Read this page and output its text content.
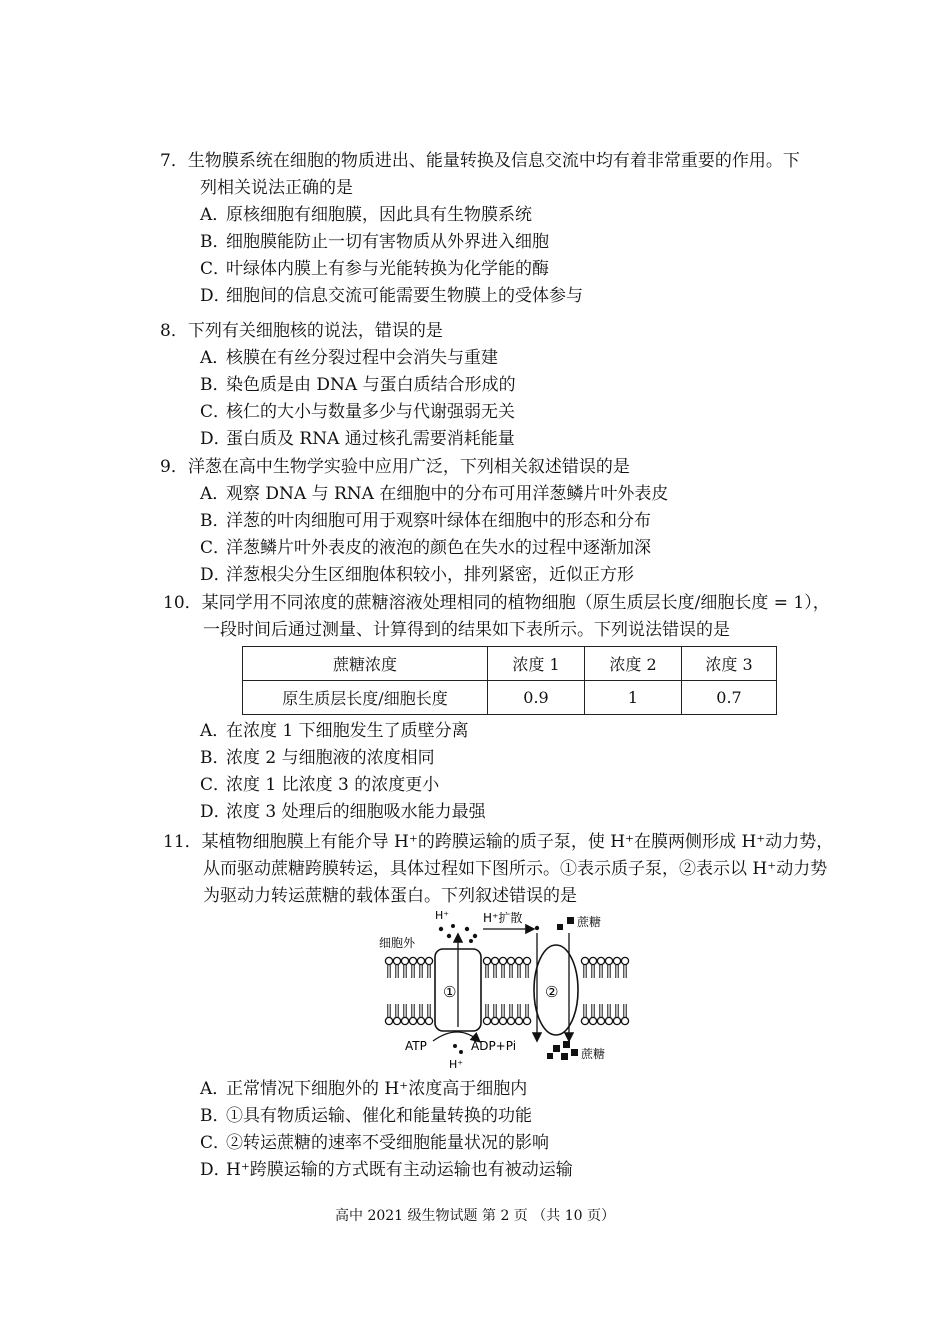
7．生物膜系统在细胞的物质进出、能量转换及信息交流中均有着非常重要的作用。下
列相关说法正确的是
A．原核细胞有细胞膜，因此具有生物膜系统
B．细胞膜能防止一切有害物质从外界进入细胞
C．叶绿体内膜上有参与光能转换为化学能的酶
D．细胞间的信息交流可能需要生物膜上的受体参与
8．下列有关细胞核的说法，错误的是
A．核膜在有丝分裂过程中会消失与重建
B．染色质是由 DNA 与蛋白质结合形成的
C．核仁的大小与数量多少与代谢强弱无关
D．蛋白质及 RNA 通过核孔需要消耗能量
9．洋葱在高中生物学实验中应用广泛，下列相关叙述错误的是
A．观察 DNA 与 RNA 在细胞中的分布可用洋葱鳞片叶外表皮
B．洋葱的叶肉细胞可用于观察叶绿体在细胞中的形态和分布
C．洋葱鳞片叶外表皮的液泡的颜色在失水的过程中逐渐加深
D．洋葱根尖分生区细胞体积较小，排列紧密，近似正方形
10．某同学用不同浓度的蔗糖溶液处理相同的植物细胞（原生质层长度/细胞长度 = 1），
一段时间后通过测量、计算得到的结果如下表所示。下列说法错误的是
蔗糖浓度	浓度 1	浓度 2	浓度 3
原生质层长度/细胞长度	0.9	1	0.7
A．在浓度 1 下细胞发生了质壁分离
B．浓度 2 与细胞液的浓度相同
C．浓度 1 比浓度 3 的浓度更小
D．浓度 3 处理后的细胞吸水能力最强
11．某植物细胞膜上有能介导 H⁺的跨膜运输的质子泵，使 H⁺在膜两侧形成 H⁺动力势，
从而驱动蔗糖跨膜转运，具体过程如下图所示。①表示质子泵，②表示以 H⁺动力势
为驱动力转运蔗糖的载体蛋白。下列叙述错误的是
①	②
H⁺扩散
H⁺
细胞外
蔗糖
ATP	ADP+Pi
H⁺
蔗糖
A．正常情况下细胞外的 H⁺浓度高于细胞内
B．①具有物质运输、催化和能量转换的功能
C．②转运蔗糖的速率不受细胞能量状况的影响
D．H⁺跨膜运输的方式既有主动运输也有被动运输
高中 2021 级生物试题 第 2 页 （共 10 页）
